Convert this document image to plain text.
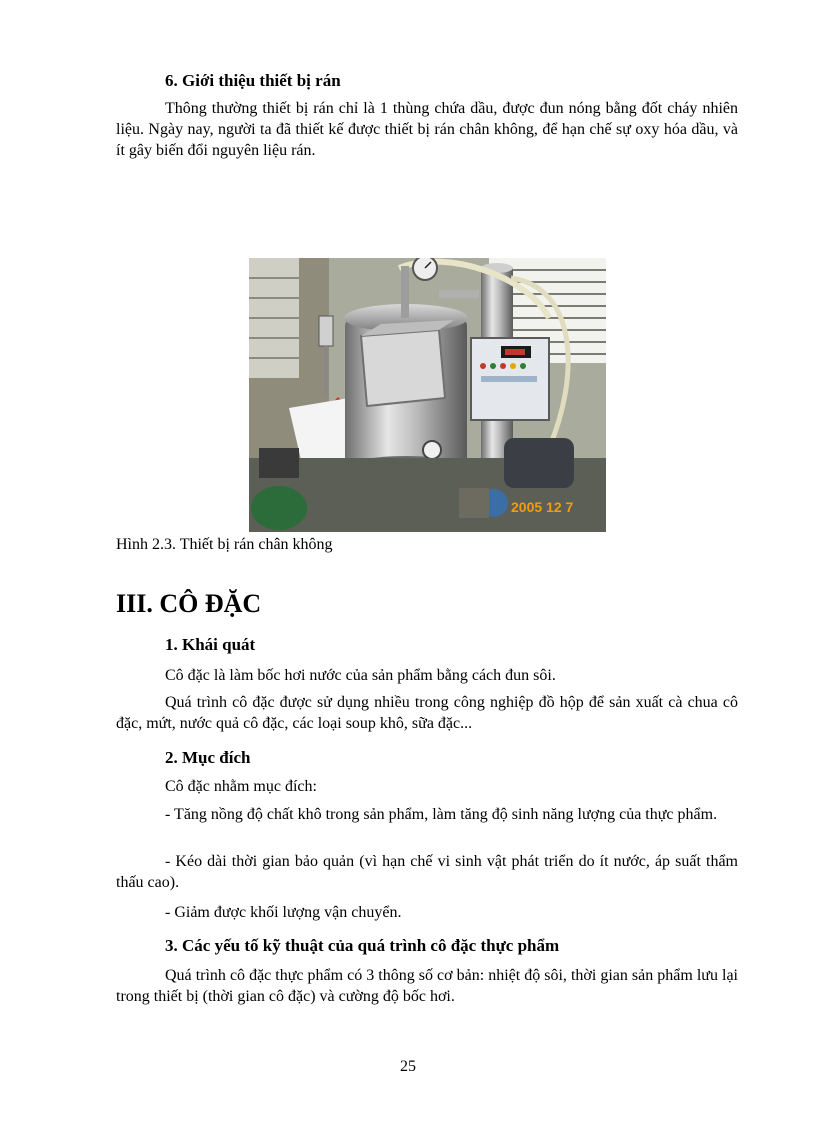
6. Giới thiệu thiết bị rán

Thông thường thiết bị rán chỉ là 1 thùng chứa dầu, được đun nóng bằng đốt cháy nhiên liệu. Ngày nay, người ta đã thiết kế được thiết bị rán chân không, để hạn chế sự oxy hóa dầu, và ít gây biến đổi nguyên liệu rán.

2005 12 7

Hình 2.3. Thiết bị rán chân không

III. CÔ ĐẶC
1. Khái quát

Cô đặc là làm bốc hơi nước của sản phẩm bằng cách đun sôi.

Quá trình cô đặc được sử dụng nhiều trong công nghiệp đồ hộp để sản xuất cà chua cô đặc, mứt, nước quả cô đặc, các loại soup khô, sữa đặc...

2. Mục đích

Cô đặc nhằm mục đích:

- Tăng nồng độ chất khô trong sản phẩm, làm tăng độ sinh năng lượng của thực phẩm.

- Kéo dài thời gian bảo quản (vì hạn chế vi sinh vật phát triển do ít nước, áp suất thẩm thấu cao).

- Giảm được khối lượng vận chuyển.

3. Các yếu tố kỹ thuật của quá trình cô đặc thực phẩm

Quá trình cô đặc thực phẩm có 3 thông số cơ bản: nhiệt độ sôi, thời gian sản phẩm lưu lại trong thiết bị (thời gian cô đặc) và cường độ bốc hơi.

25
